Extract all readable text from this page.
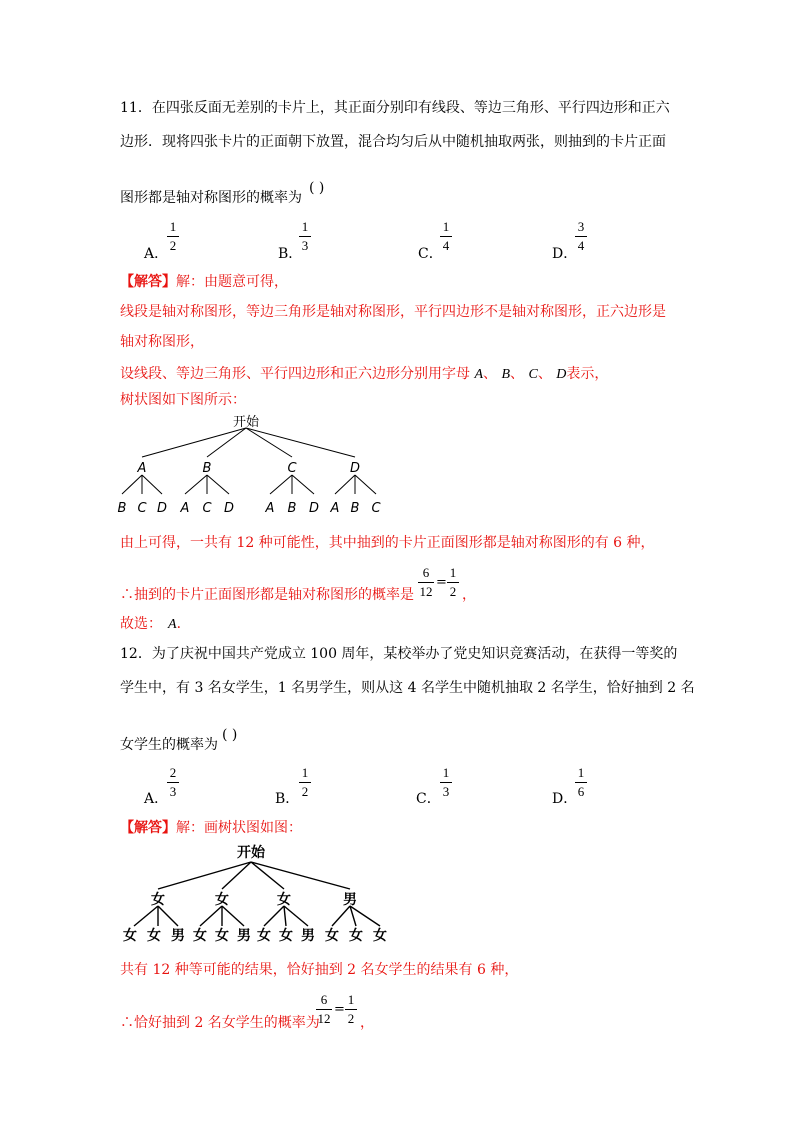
11．在四张反面无差别的卡片上，其正面分别印有线段、等边三角形、平行四边形和正六
边形．现将四张卡片的正面朝下放置，混合均匀后从中随机抽取两张，则抽到的卡片正面
图形都是轴对称图形的概率为
( )
A．
1
2
B．
1
3
C．
1
4
D．
3
4
【解答】解：由题意可得，
线段是轴对称图形，等边三角形是轴对称图形，平行四边形不是轴对称图形，正六边形是
轴对称图形，
设线段、等边三角形、平行四边形和正六边形分别用字母 A、 B、 C、 D表示，
树状图如下图所示：
开始
A	B	C	D
B C D A C D A B D A B C
由上可得，一共有 12 种可能性，其中抽到的卡片正面图形都是轴对称图形的有 6 种，
∴抽到的卡片正面图形都是轴对称图形的概率是
6
12
=
1
2 ，
故选： A．
12．为了庆祝中国共产党成立 100 周年，某校举办了党史知识竞赛活动，在获得一等奖的
学生中，有 3 名女学生，1 名男学生，则从这 4 名学生中随机抽取 2 名学生，恰好抽到 2 名
女学生的概率为
( )
A．
2
3	B．
1
2	C．
1
3	D．
1
6
【解答】解：画树状图如图：
开始
女	女	女	男
女 女 男 女 女 男 女 女 男 女 女 女
共有 12 种等可能的结果，恰好抽到 2 名女学生的结果有 6 种，
∴恰好抽到 2 名女学生的概率为
6
12
=
1
2 ，
